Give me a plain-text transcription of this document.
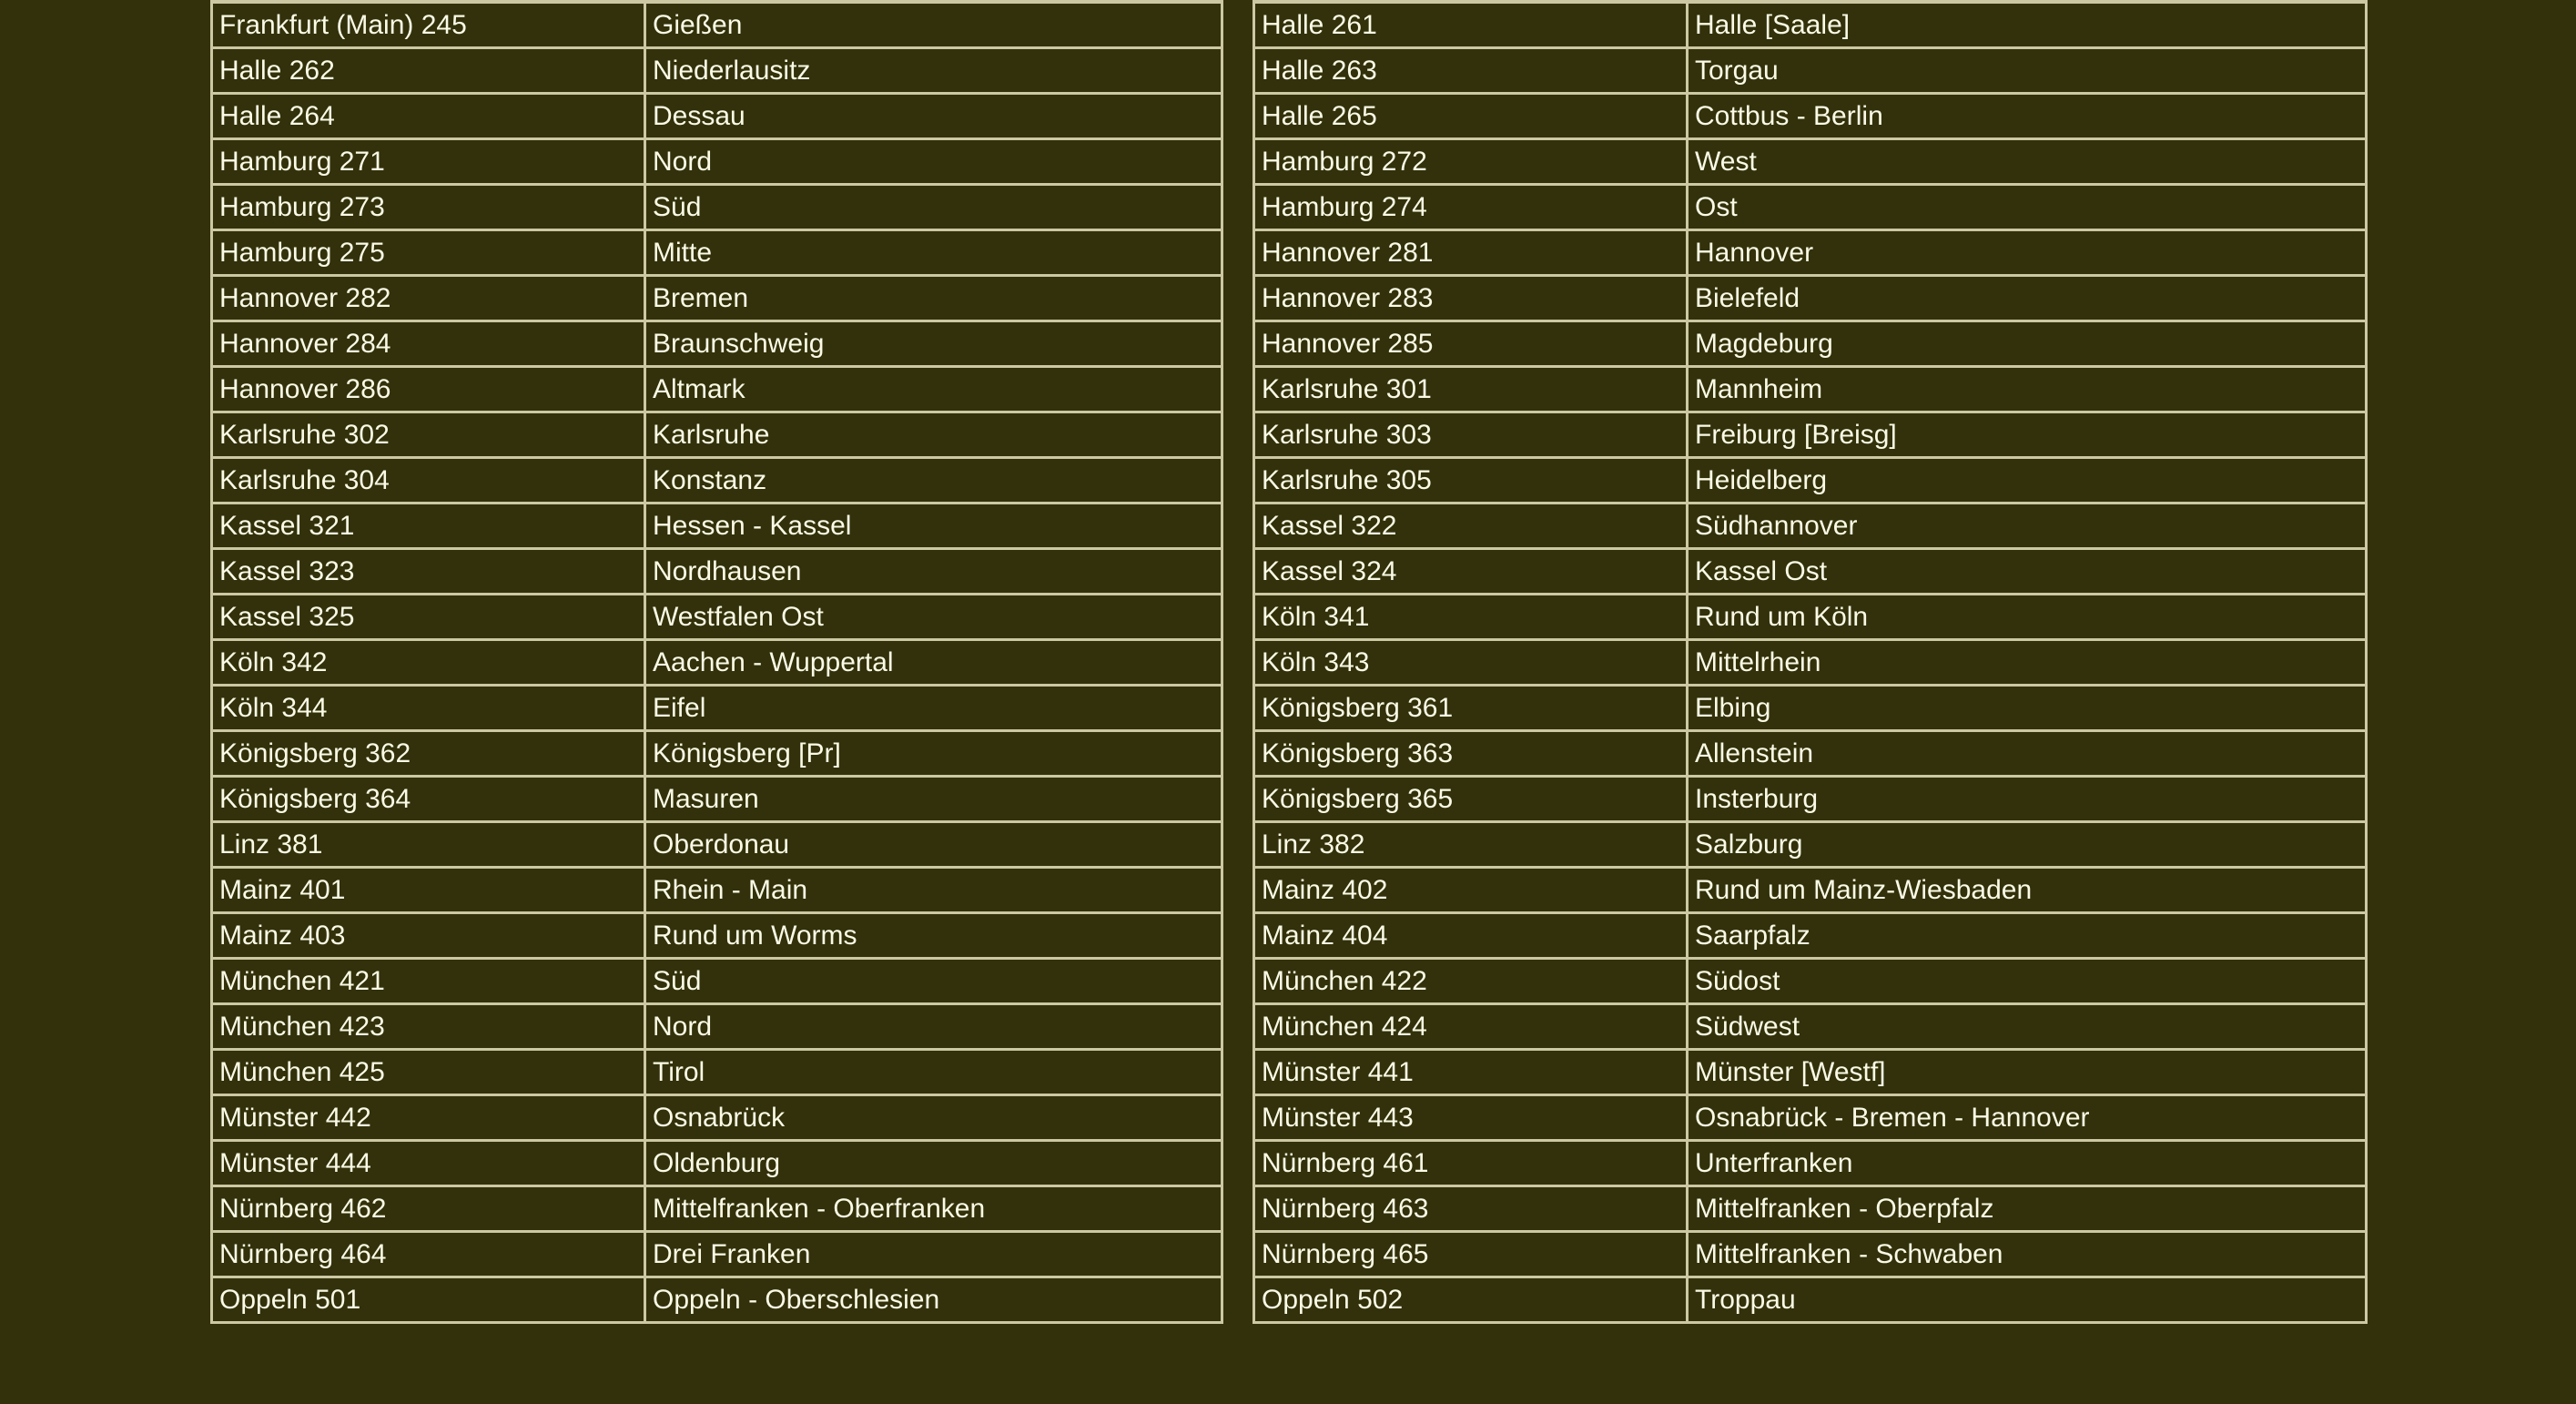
Frankfurt (Main) 245	Gießen
Halle 262	Niederlausitz
Halle 264	Dessau
Hamburg 271	Nord
Hamburg 273	Süd
Hamburg 275	Mitte
Hannover 282	Bremen
Hannover 284	Braunschweig
Hannover 286	Altmark
Karlsruhe 302	Karlsruhe
Karlsruhe 304	Konstanz
Kassel 321	Hessen - Kassel
Kassel 323	Nordhausen
Kassel 325	Westfalen Ost
Köln 342	Aachen - Wuppertal
Köln 344	Eifel
Königsberg 362	Königsberg [Pr]
Königsberg 364	Masuren
Linz 381	Oberdonau
Mainz 401	Rhein - Main
Mainz 403	Rund um Worms
München 421	Süd
München 423	Nord
München 425	Tirol
Münster 442	Osnabrück
Münster 444	Oldenburg
Nürnberg 462	Mittelfranken - Oberfranken
Nürnberg 464	Drei Franken
Oppeln 501	Oppeln - Oberschlesien

Halle 261	Halle [Saale]
Halle 263	Torgau
Halle 265	Cottbus - Berlin
Hamburg 272	West
Hamburg 274	Ost
Hannover 281	Hannover
Hannover 283	Bielefeld
Hannover 285	Magdeburg
Karlsruhe 301	Mannheim
Karlsruhe 303	Freiburg [Breisg]
Karlsruhe 305	Heidelberg
Kassel 322	Südhannover
Kassel 324	Kassel Ost
Köln 341	Rund um Köln
Köln 343	Mittelrhein
Königsberg 361	Elbing
Königsberg 363	Allenstein
Königsberg 365	Insterburg
Linz 382	Salzburg
Mainz 402	Rund um Mainz-Wiesbaden
Mainz 404	Saarpfalz
München 422	Südost
München 424	Südwest
Münster 441	Münster [Westf]
Münster 443	Osnabrück - Bremen - Hannover
Nürnberg 461	Unterfranken
Nürnberg 463	Mittelfranken - Oberpfalz
Nürnberg 465	Mittelfranken - Schwaben
Oppeln 502	Troppau
